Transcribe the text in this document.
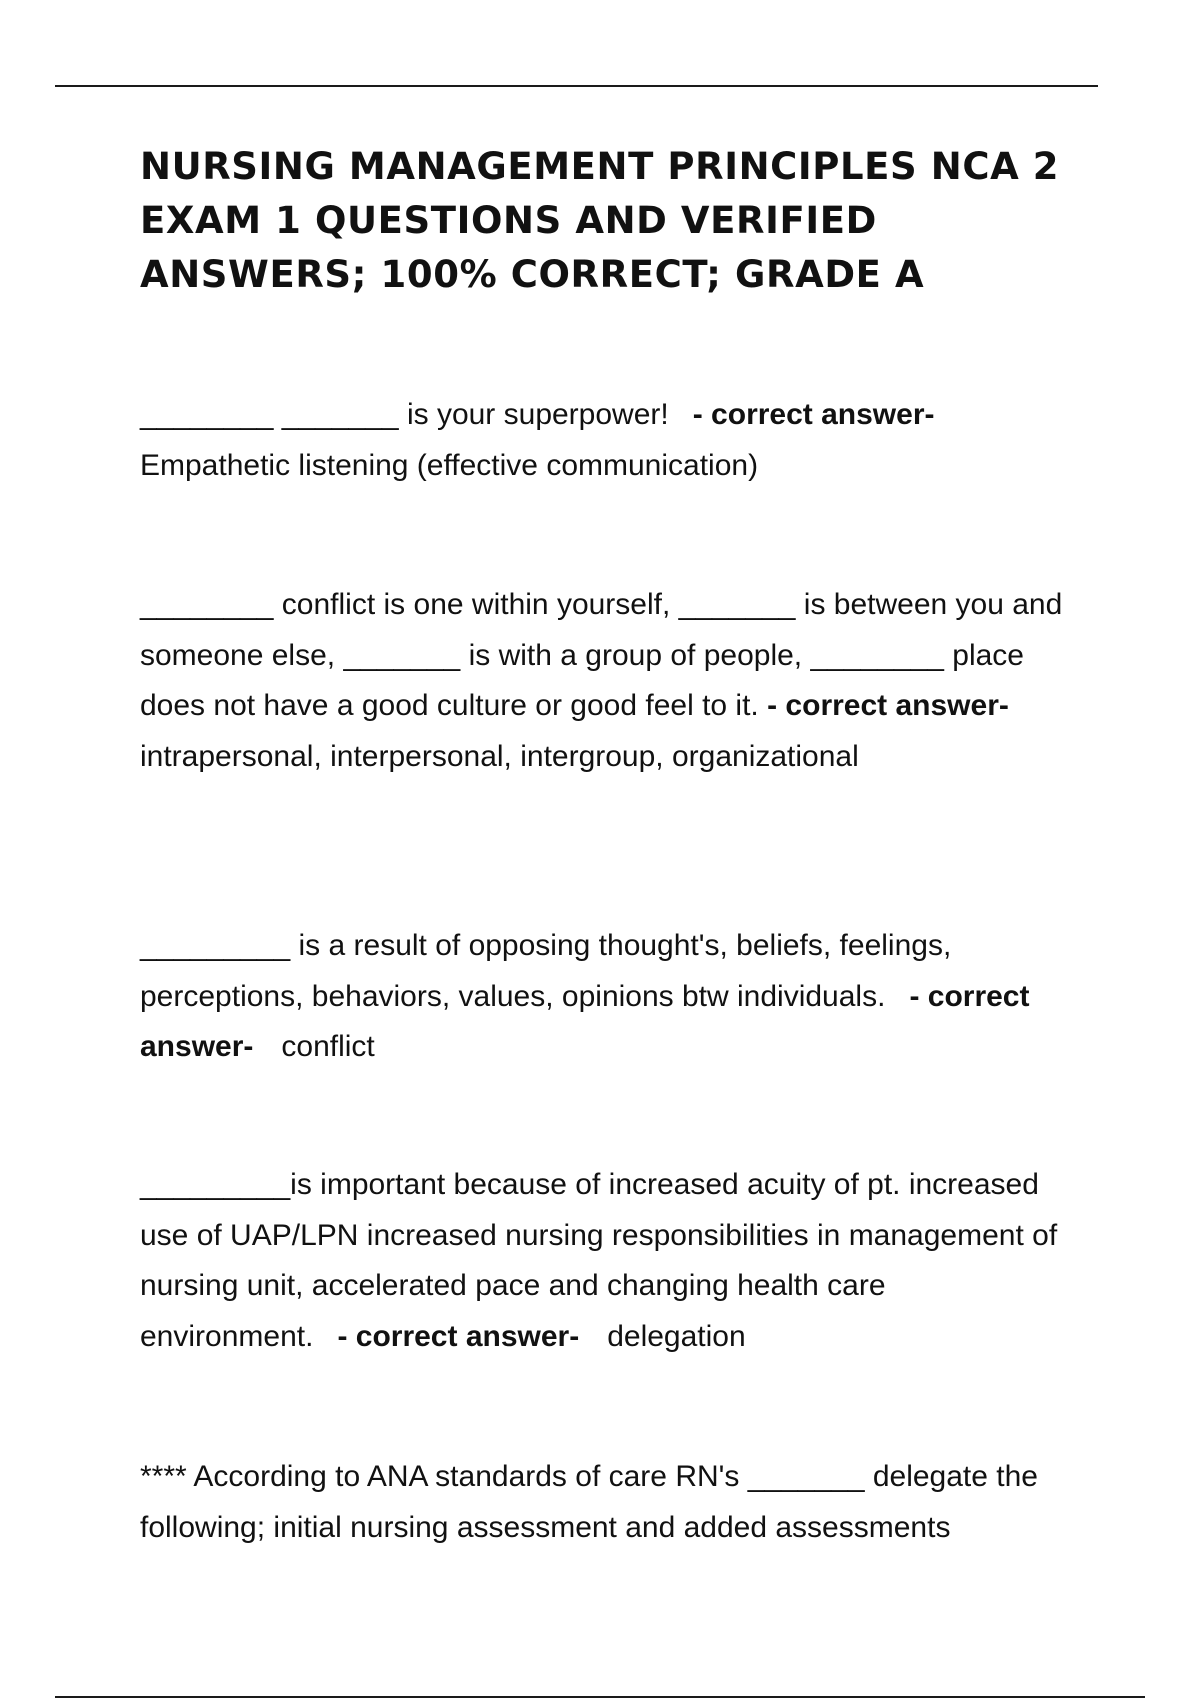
NURSING MANAGEMENT PRINCIPLES NCA 2 EXAM 1 QUESTIONS AND VERIFIED ANSWERS; 100% CORRECT; GRADE A

________ _______ is your superpower! - correct answer-Empathetic listening (effective communication)

________ conflict is one within yourself, _______ is between you and someone else, _______ is with a group of people, ________ place does not have a good culture or good feel to it. - correct answer-intrapersonal, interpersonal, intergroup, organizational

_________ is a result of opposing thought's, beliefs, feelings, perceptions, behaviors, values, opinions btw individuals. - correct answer- conflict

_________is important because of increased acuity of pt. increased use of UAP/LPN increased nursing responsibilities in management of nursing unit, accelerated pace and changing health care environment. - correct answer- delegation

**** According to ANA standards of care RN's _______ delegate the following; initial nursing assessment and added assessments
